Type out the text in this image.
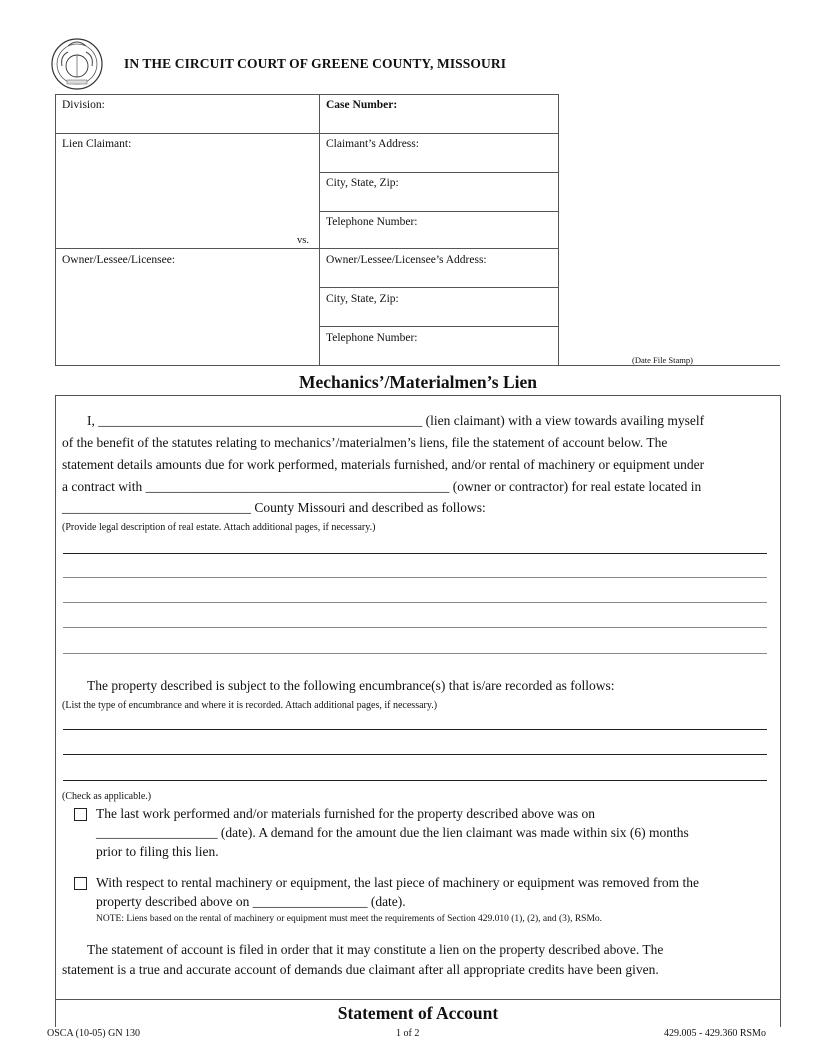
IN THE CIRCUIT COURT OF GREENE COUNTY, MISSOURI
Division:	Case Number:
Lien Claimant:	Claimant’s Address:
City, State, Zip:
Telephone Number:
vs.
Owner/Lessee/Licensee:	Owner/Lessee/Licensee’s Address:
City, State, Zip:
Telephone Number:
(Date File Stamp)
Mechanics’/Materialmen’s Lien
I, ________________________________________________ (lien claimant) with a view towards availing myself
of the benefit of the statutes relating to mechanics’/materialmen’s liens, file the statement of account below. The
statement details amounts due for work performed, materials furnished, and/or rental of machinery or equipment under
a contract with _____________________________________________ (owner or contractor) for real estate located in
____________________________ County Missouri and described as follows:
(Provide legal description of real estate. Attach additional pages, if necessary.)
The property described is subject to the following encumbrance(s) that is/are recorded as follows:
(List the type of encumbrance and where it is recorded. Attach additional pages, if necessary.)
(Check as applicable.)
The last work performed and/or materials furnished for the property described above was on
__________________ (date). A demand for the amount due the lien claimant was made within six (6) months
prior to filing this lien.
With respect to rental machinery or equipment, the last piece of machinery or equipment was removed from the
property described above on _________________ (date).
NOTE: Liens based on the rental of machinery or equipment must meet the requirements of Section 429.010 (1), (2), and (3), RSMo.
The statement of account is filed in order that it may constitute a lien on the property described above. The
statement is a true and accurate account of demands due claimant after all appropriate credits have been given.
Statement of Account
OSCA (10-05) GN 130	1 of 2	429.005 - 429.360 RSMo
